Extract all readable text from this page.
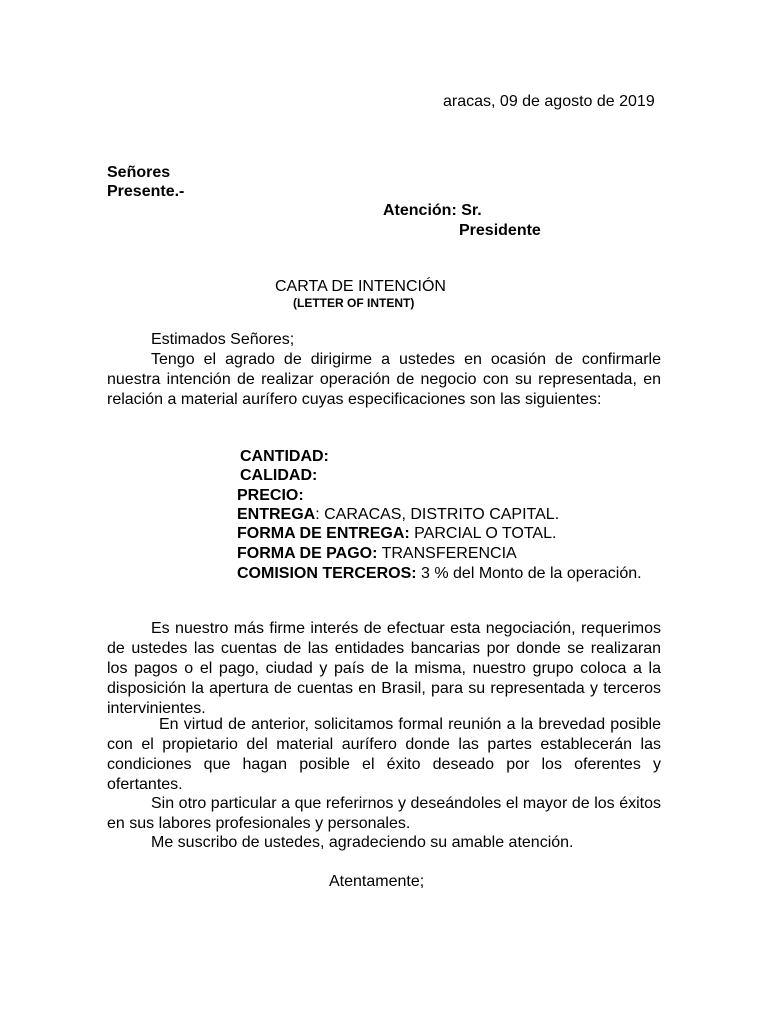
aracas, 09 de agosto de 2019
Señores
Presente.-
Atención: Sr.
Presidente
CARTA DE INTENCIÓN
(LETTER OF INTENT)
Estimados Señores;
Tengo el agrado de dirigirme a ustedes en ocasión de confirmarle nuestra intención de realizar operación de negocio con su representada, en relación a material aurífero cuyas especificaciones son las siguientes:
CANTIDAD:
CALIDAD:
PRECIO:
ENTREGA: CARACAS, DISTRITO CAPITAL.
FORMA DE ENTREGA: PARCIAL O TOTAL.
FORMA DE PAGO: TRANSFERENCIA
COMISION TERCEROS: 3 % del Monto de la operación.
Es nuestro más firme interés de efectuar esta negociación, requerimos de ustedes las cuentas de las entidades bancarias por donde se realizaran los pagos o el pago, ciudad y país de la misma, nuestro grupo coloca a la disposición la apertura de cuentas en Brasil, para su representada y terceros intervinientes.
En virtud de anterior, solicitamos formal reunión a la brevedad posible con el propietario del material aurífero donde las partes establecerán las condiciones que hagan posible el éxito deseado por los oferentes y ofertantes.
Sin otro particular a que referirnos y deseándoles el mayor de los éxitos en sus labores profesionales y personales.
Me suscribo de ustedes, agradeciendo su amable atención.
Atentamente;
